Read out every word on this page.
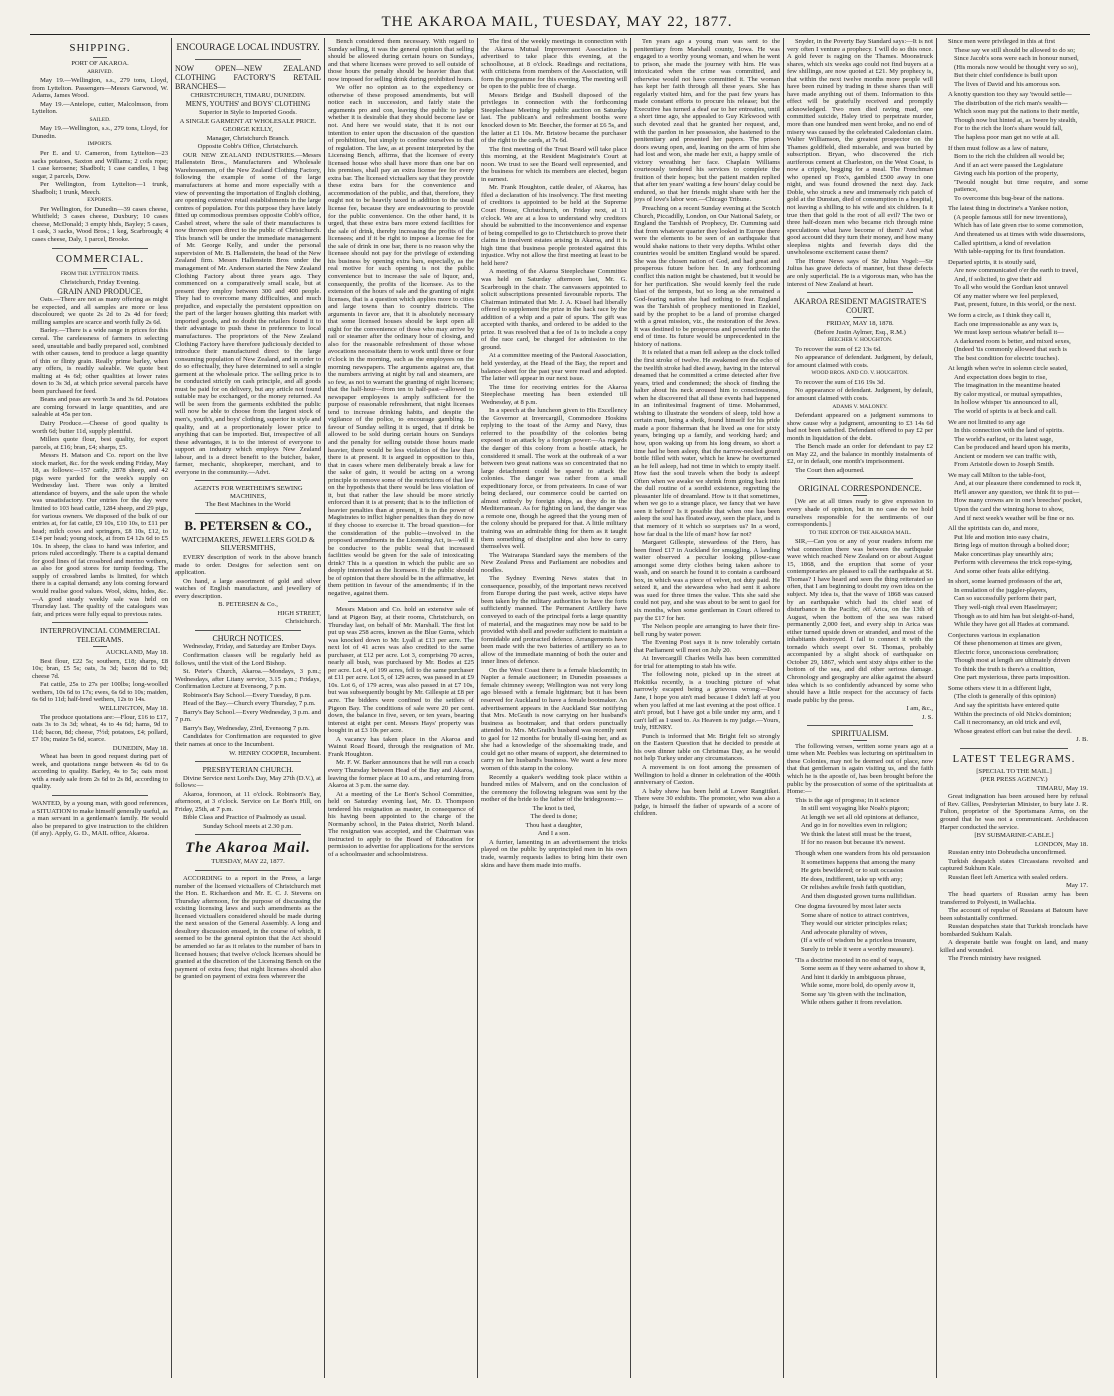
THE AKAROA MAIL, TUESDAY, MAY 22, 1877.
SHIPPING.

PORT OF AKAROA.

ARRIVED.

May 19.—Wellington, s.s., 279 tons, Lloyd, from Lyttelton. Passengers—Messrs Garwood, W. Adams, James Wood.

May 19.—Antelope, cutter, Malcolmson, from Lyttelton.

SAILED.

May 19.—Wellington, s.s., 279 tons, Lloyd, for Dunedin.

IMPORTS.

Per E. and U. Cameron, from Lyttelton—23 sacks potatoes, Saxton and Williams; 2 coils rope; 1 case kerosene; Shadbolt; 1 case candles, 1 bag sugar, 2 parcels, Dow.

Per Wellington, from Lyttelton—1 trunk, Shadbolt; 1 trunk, Meech.

EXPORTS.

Per Wellington, for Dunedin—39 cases cheese, Whitfield; 3 cases cheese, Duxbury; 10 cases cheese, McDonald; 3 empty hhds, Bayley; 5 cases, 1 cask, 3 sacks, Wood Bros.; 1 keg, Scarbrough; 4 cases cheese, Daly, 1 parcel, Brooke.

COMMERCIAL.

FROM THE LYTTELTON TIMES.

Christchurch, Friday Evening.

GRAIN AND PRODUCE.

Oats.—There are not as many offering as might be expected, and all samples are more or less discoloured; we quote 2s 2d to 2s 4d for feed; milling samples are scarce and worth fully 2s 6d.

Barley.—There is a wide range in prices for this cereal. The carelessness of farmers in selecting seed, unsuitable and badly prepared soil, combined with other causes, tend to produce a large quantity of thin or flinty grain. Really prime barley, when any offers, is readily saleable. We quote best malting at 4s 6d; other qualities at lower rates down to 3s 3d, at which price several parcels have been purchased for feed.

Beans and peas are worth 3s and 3s 6d. Potatoes are coming forward in large quantities, and are saleable at 45s per ton.

Dairy Produce.—Cheese of good quality is worth 6d; butter 11d, supply plentiful.

Millers quote flour, best quality, for export parcels, at £16; bran, £4; sharps, £5.

Messrs H. Matson and Co. report on the live stock market, &c. for the week ending Friday, May 18, as follows:—157 cattle, 2878 sheep, and 42 pigs were yarded for the week's supply on Wednesday last. There was only a limited attendance of buyers, and the sale upon the whole was unsatisfactory. Our entries for the day were limited to 103 head cattle, 1284 sheep, and 29 pigs, for various owners. We disposed of the bulk of our entries at, for fat cattle, £9 10s, £10 10s, to £11 per head; milch cows and springers, £8 10s, £12, to £14 per head; young stock, at from £4 12s 6d to £5 10s. In sheep, the class to hand was inferior, and prices ruled accordingly. There is a capital demand for good lines of fat crossbred and merino wethers, as also for good stores for turnip feeding. The supply of crossbred lambs is limited, for which there is a capital demand; any lots coming forward would realise good values. Wool, skins, hides, &c.—A good steady weekly sale was held on Thursday last. The quality of the catalogues was fair, and prices were fully equal to previous rates.

INTERPROVINCIAL COMMERCIAL TELEGRAMS.

AUCKLAND, May 18.

Best flour, £22 5s; southern, £18; sharps, £8 10s; bran, £5 5s; oats, 3s 3d; bacon 8d to 9d; cheese 7d.

Fat cattle, 25s to 27s per 100lbs; long-woolled wethers, 10s 6d to 17s; ewes, 6s 6d to 10s; maiden, 6s 6d to 11d; half-bred wethers, 12s to 14s.

WELLINGTON, May 18.

The produce quotations are:—Flour, £16 to £17, oats 3s to 3s 3d; wheat, 4s to 4s 6d; hams, 9d to 11d; bacon, 8d; cheese, 7½d; potatoes, £4; pollard, £7 10s; maize 5s 6d, scarce.

DUNEDIN, May 18.

Wheat has been in good request during part of week, and quotations range between 4s 6d to 6s according to quality. Barley, 4s to 5s; oats most with a ready sale from 2s 6d to 2s 8d, according to quality.

WANTED, by a young man, with good references, a SITUATION to make himself generally useful, as a man servant in a gentleman's family. He would also be prepared to give instruction to the children (if any). Apply, G. D., MAIL office, Akaroa.

ENCOURAGE LOCAL INDUSTRY.

NOW OPEN—NEW ZEALAND CLOTHING FACTORY'S RETAIL BRANCHES—

CHRISTCHURCH, TIMARU, DUNEDIN.

MEN'S, YOUTHS' and BOYS' CLOTHING

Superior in Style to Imported Goods.

A SINGLE GARMENT AT WHOLESALE PRICE.

GEORGE KELLY,

Manager, Christchurch Branch.

Opposite Cobb's Office, Christchurch.

OUR NEW ZEALAND INDUSTRIES.—Messrs Hallenstein Bros., Manufacturers and Wholesale Warehousemen, of the New Zealand Clothing Factory, following the example of some of the large manufacturers at home and more especially with a view of preventing the importation of English clothing, are opening extensive retail establishments in the large centres of population. For this purpose they have lately fitted up commodious premises opposite Cobb's office, Cashel street, where the sale of their manufactures is now thrown open direct to the public of Christchurch. This branch will be under the immediate management of Mr. George Kelly, and under the personal supervision of Mr. B. Hallenstein, the head of the New Zealand firm. Messrs Hallenstein Bros under the management of Mr. Anderson started the New Zealand Clothing Factory about three years ago. They commenced on a comparatively small scale, but at present they employ between 300 and 400 people. They had to overcome many difficulties, and much prejudice, and especially the persistent opposition on the part of the larger houses glutting this market with imported goods, and no doubt the retailers found it to their advantage to push these in preference to local manufactures. The proprietors of the New Zealand Clothing Factory have therefore judiciously decided to introduce their manufactured direct to the large consuming population of New Zealand, and in order to do so effectually, they have determined to sell a single garment at the wholesale price. The selling price is to be conducted strictly on cash principle, and all goods must be paid for on delivery, but any article not found suitable may be exchanged, or the money returned. As will be seen from the garments exhibited the public will now be able to choose from the largest stock of men's, youth's, and boys' clothing, superior in style and quality, and at a proportionately lower price to anything that can be imported. But, irrespective of all these advantages, it is to the interest of everyone to support an industry which employs New Zealand labour, and is a direct benefit to the butcher, baker, farmer, mechanic, shopkeeper, merchant, and to everyone in the community.—Advt.

AGENTS FOR WERTHEIM'S SEWING MACHINES,

The Best Machines in the World

B. PETERSEN & CO.,

WATCHMAKERS, JEWELLERS GOLD & SILVERSMITHS,

EVERY description of work in the above branch made to order. Designs for selection sent on application.

On hand, a large assortment of gold and silver watches of English manufacture, and jewellery of every description.

B. PETERSEN & Co.,

HIGH STREET,

Christchurch.

CHURCH NOTICES.

Wednesday, Friday, and Saturday are Ember Days.

Confirmation classes will be regularly held as follows, until the visit of the Lord Bishop.

St. Peter's Church, Akaroa.—Mondays, 3 p.m.; Wednesdays, after Litany service, 3.15 p.m.; Fridays, Confirmation Lecture at Evensong, 7 p.m.

Robinson's Bay School.—Every Tuesday, 8 p.m.

Head of the Bay.—Church every Thursday, 7 p.m.

Barry's Bay School.—Every Wednesday, 3 p.m. and 7 p.m.

Barry's Bay, Wednesday, 23rd, Evensong 7 p.m.

Candidates for Confirmation are requested to give their names at once to the Incumbent.

W. HENRY COOPER, Incumbent.

PRESBYTERIAN CHURCH.

Divine Service next Lord's Day, May 27th (D.V.), at follows:—

Akaroa, forenoon, at 11 o'clock. Robinson's Bay, afternoon, at 3 o'clock. Service on Le Bon's Hill, on Friday, 25th, at 7 p.m.

Bible Class and Practice of Psalmody as usual.

Sunday School meets at 2.30 p.m.

The Akaroa Mail.

TUESDAY, MAY 22, 1877.

ACCORDING to a report in the Press, a large number of the licensed victuallers of Christchurch met the Hon. E. Richardson and Mr. E. C. J. Stevens on Thursday afternoon, for the purpose of discussing the existing licensing laws and such amendments as the licensed victuallers considered should be made during the next session of the General Assembly. A long and desultory discussion ensued, in the course of which, it seemed to be the general opinion that the Act should be amended so far as it relates to the number of bars in licensed houses; that twelve o'clock licenses should be granted at the discretion of the Licensing Bench on the payment of extra fees; that night licenses should also be granted on payment of extra fees wherever the

Bench considered them necessary. With regard to Sunday selling, it was the general opinion that selling should be allowed during certain hours on Sundays, and that where licenses were proved to sell outside of those hours the penalty should be heavier than that now imposed for selling drink during prohibited hours.

We offer no opinion as to the expediency or otherwise of these proposed amendments, but will notice each in succession, and fairly state the arguments pro and con, leaving the public to judge whether it is desirable that they should become law or not. And here we would state, that it is not our intention to enter upon the discussion of the question of prohibition, but simply to confine ourselves to that of regulation. The law, as at present interpreted by the Licensing Bench, affirms, that the licensee of every licensed house who shall have more than one bar on his premises, shall pay an extra license fee for every extra bar. The licensed victuallers say that they provide these extra bars for the convenience and accommodation of the public, and that, therefore, they ought not to be heavily taxed in addition to the usual license fee, because they are endeavouring to provide for the public convenience. On the other hand, it is urged, that these extra bars more extend facilities for the sale of drink, thereby increasing the profits of the licensees; and if it be right to impose a license fee for the sale of drink in one bar, there is no reason why the licensee should not pay for the privilege of extending his business by opening extra bars, especially, as the real motive for such opening is not the public convenience but to increase the sale of liquor, and, consequently, the profits of the licensee. As to the extension of the hours of sale and the granting of night licenses, that is a question which applies more to cities and large towns than to country districts. The arguments in favor are, that it is absolutely necessary that some licensed houses should be kept open all night for the convenience of those who may arrive by rail or steamer after the ordinary hour of closing, and also for the reasonable refreshment of those whose avocations necessitate them to work until three or four o'clock in the morning, such as the employees on the morning newspapers. The arguments against are, that the numbers arriving at night by rail and steamers, are so few, as not to warrant the granting of night licenses; that the half-hour—from ten to half-past—allowed to newspaper employees is amply sufficient for the purpose of reasonable refreshment, that night licenses tend to increase drinking habits, and despite the vigilance of the police, to encourage gambling. In favour of Sunday selling it is urged, that if drink be allowed to be sold during certain hours on Sundays and the penalty for selling outside those hours made heavier, there would be less violation of the law than there is at present. It is argued in opposition to this, that in cases where men deliberately break a law for the sake of gain, it would be acting on a wrong principle to remove some of the restrictions of that law on the hypothesis that there would be less violation of it, but that rather the law should be more strictly enforced than it is at present; that is to the infliction of heavier penalties than at present, it is in the power of Magistrates to inflict higher penalties than they do now if they choose to exercise it. The broad question—for the consideration of the public—involved in the proposed amendments in the Licensing Act, is—will it be conducive to the public weal that increased facilities would be given for the sale of intoxicating drink? This is a question in which the public are so deeply interested as the licensees. If the public should be of opinion that there should be in the affirmative, let them petition in favour of the amendments; if in the negative, against them.

Messrs Matson and Co. hold an extensive sale of land at Pigeon Bay, at their rooms, Christchurch, on Thursday last, on behalf of Mr. Marshall. The first lot put up was 258 acres, known as the Blue Gums, which was knocked down to Mr. Lyall at £13 per acre. The next lot of 41 acres was also credited to the same purchaser, at £12 per acre. Lot 3, comprising 70 acres, nearly all bush, was purchased by Mr. Bodes at £25 per acre. Lot 4, of 199 acres, fell to the same purchaser at £11 per acre. Lot 5, of 129 acres, was passed in at £9 10s. Lot 6, of 179 acres, was also passed in at £7 10s, but was subsequently bought by Mr. Gillespie at £8 per acre. The bidders were confined to the settlers of Pigeon Bay. The conditions of sale were 20 per cent. down, the balance in five, seven, or ten years, bearing interest at eight per cent. Messrs Hays' property was bought in at £3 10s per acre.

A vacancy has taken place in the Akaroa and Wainui Road Board, through the resignation of Mr. Frank Houghton.

Mr. F. W. Barker announces that he will run a coach every Thursday between Head of the Bay and Akaroa, leaving the former place at 10 a.m., and returning from Akaroa at 3 p.m. the same day.

At a meeting of the Le Bon's School Committee, held on Saturday evening last, Mr. D. Thompson tendered his resignation as master, in consequence of his having been appointed to the charge of the Normanby school, in the Patea district, North Island. The resignation was accepted, and the Chairman was instructed to apply to the Board of Education for permission to advertise for applications for the services of a schoolmaster and schoolmistress.

The first of the weekly meetings in connection with the Akaroa Mutual Improvement Association is advertised to take place this evening, at the schoolhouse, at 8 o'clock. Readings and recitations, with criticisms from members of the Association, will form the programme for this evening. The meeting will be open to the public free of charge.

Messrs Bridge and Bushell disposed of the privileges in connection with the forthcoming Steeplechase Meeting by public auction on Saturday last. The publican's and refreshment booths were knocked down to Mr. Beecher, the former at £6 5s, and the latter at £1 10s. Mr. Bristow became the purchaser of the right to the cards, at 7s 6d.

The first meeting of the Trust Board will take place this morning, at the Resident Magistrate's Court at noon. We trust to see the Board well represented, and the business for which its members are elected, begun in earnest.

Mr. Frank Houghton, cattle dealer, of Akaroa, has filed a declaration of his insolvency. The first meeting of creditors is appointed to be held at the Supreme Court House, Christchurch, on Friday next, at 11 o'clock. We are at a loss to understand why creditors should be submitted to the inconvenience and expense of being compelled to go to Christchurch to prove their claims in insolvent estates arising in Akaroa, and it is high time that business people protested against this injustice. Why not allow the first meeting at least to be held here?

A meeting of the Akaroa Steeplechase Committee was held on Saturday afternoon last, Mr. G. Scarbrough in the chair. The canvassers appointed to solicit subscriptions presented favourable reports. The Chairman intimated that Mr. J. A. Kissel had liberally offered to supplement the prize in the hack race by the addition of a whip and a pair of spurs. The gift was accepted with thanks, and ordered to be added to the prize. It was resolved that a fee of 1s to include a copy of the race card, be charged for admission to the ground.

At a committee meeting of the Pastoral Association, held yesterday, at the Head of the Bay, the report and balance-sheet for the past year were read and adopted. The latter will appear in our next issue.

The time for receiving entries for the Akaroa Steeplechase meeting has been extended till Wednesday, at 8 p.m.

In a speech at the luncheon given to His Excellency the Governor at Invercargill, Commodore Hoskins replying to the toast of the Army and Navy, thus referred to the possibility of the colonies being exposed to an attack by a foreign power:—As regards the danger of this colony from a hostile attack, he considered it small. The work at the outbreak of a war between two great nations was so concentrated that no large detachment could be spared to attack the colonies. The danger was rather from a small expeditionary force, or from privateers. In case of war being declared, our commerce could be carried on almost entirely by foreign ships, as they do in the Mediterranean. As for fighting on land, the danger was a remote one, though he agreed that the young men of the colony should be prepared for that. A little military training was an admirable thing for them as it taught them something of discipline and also how to carry themselves well.

The Wairarapa Standard says the members of the New Zealand Press and Parliament are nobodies and noodles.

The Sydney Evening News states that in consequence, possibly, of the important news received from Europe during the past week, active steps have been taken by the military authorities to have the forts sufficiently manned. The Permanent Artillery have conveyed to each of the principal forts a large quantity of material, and the magazines may now be said to be provided with shell and powder sufficient to maintain a formidable and protracted defence. Arrangements have been made with the two batteries of artillery so as to allow of the immediate manning of both the outer and inner lines of defence.

On the West Coast there is a female blacksmith; in Napier a female auctioneer; in Dunedin possesses a female chimney sweep; Wellington was not very long ago blessed with a female hightman; but it has been reserved for Auckland to have a female bootmaker. An advertisement appears in the Auckland Star notifying that Mrs. McGrath is now carrying on her husband's business as bootmaker, and that orders punctually attended to. Mrs. McGrath's husband was recently sent to gaol for 12 months for brutally ill-using her, and as she had a knowledge of the shoemaking trade, and could get no other means of support, she determined to carry on her husband's business. We want a few more women of this stamp in the colony.

Recently a quaker's wedding took place within a hundred miles of Malvern, and on the conclusion of the ceremony the following telegram was sent by the mother of the bride to the father of the bridegroom:—

The knot is tied,

The deed is done;

Thou hast a daughter,

And I a son.

A furrier, lamenting in an advertisement the tricks played on the public by unprincipled men in his own trade, warmly requests ladies to bring him their own skins and have them made into muffs.

Ten years ago a young man was sent to the penitentiary from Marshall county, Iowa. He was engaged to a worthy young woman, and when he went to prison, she made the journey with him. He was intoxicated when the crime was committed, and otherwise would not have committed it. The woman has kept her faith through all these years. She has regularly visited him, and for the past few years has made constant efforts to procure his release; but the Executive has turned a deaf ear to her entreaties, until a short time ago, she appealed to Guy Kirkwood with such devoted zeal that he granted her request, and, with the pardon in her possession, she hastened to the penitentiary and presented her papers. The prison doors swung open, and, leaning on the arm of him she had lost and won, she made her exit, a happy smile of victory wreathing her face. Chaplain Williams courteously tendered his services to complete the fruition of their hopes; but the patient maiden replied that after ten years' waiting a few hours' delay could be endured, so that her friends might share with her the joys of love's labor won.—Chicago Tribune.

Preaching on a recent Sunday evening at the Scotch Church, Piccadilly, London, on Our National Safety, or England the Tarshish of Prophecy, Dr. Cumming said that from whatever quarter they looked in Europe there were the elements to be seen of an earthquake that would shake nations to their very depths. Whilst other countries would be smitten England would be spared. She was the chosen nation of God, and had great and prosperous future before her. In any forthcoming conflict this nation might be chastened, but it would be for her purification. She would keenly feel the rude blast of the tempests, but so long as she remained a God-fearing nation she had nothing to fear. England was the Tarshish of prophecy mentioned in Ezekiel, said by the prophet to be a land of promise charged with a great mission, viz., the restoration of the Jews. It was destined to be prosperous and powerful unto the end of time. Its future would be unprecedented in the history of nations.

It is related that a man fell asleep as the clock tolled the first stroke of twelve. He awakened ere the echo of the twelfth stroke had died away, having in the interval dreamed that he committed a crime detected after five years, tried and condemned; the shock of finding the halter about his neck aroused him to consciousness, when he discovered that all these events had happened in an infinitesimal fragment of time. Mohammed, wishing to illustrate the wonders of sleep, told how a certain man, being a sheik, found himself for his pride made a poor fisherman that he lived as one for sixty years, bringing up a family, and working hard; and how, upon waking up from his long dream, so short a time had he been asleep, that the narrow-necked gourd bottle filled with water, which he knew he overturned as he fell asleep, had not time in which to empty itself. How fast the soul travels when the body is asleep! Often when we awake we shrink from going back into the dull routine of a sordid existence, regretting the pleasanter life of dreamland. How is it that sometimes, when we go to a strange place, we fancy that we have seen it before? Is it possible that when one has been asleep the soul has floated away, seen the place, and is that memory of it which so surprises us? In a word, how far dual is the life of man? how far not?

Margaret Gillespie, stewardess of the Hero, has been fined £17 in Auckland for smuggling. A landing waiter observed a peculiar looking pillow-case amongst some dirty clothes being taken ashore to wash, and on search he found it to contain a cardboard box, in which was a piece of velvet, not duty paid. He seized it, and the stewardess who had sent it ashore was sued for three times the value. This she said she could not pay, and she was about to be sent to gaol for six months, when some gentleman in Court offered to pay the £17 for her.

The Nelson people are arranging to have their fire-bell rung by water power.

The Evening Post says it is now tolerably certain that Parliament will meet on July 20.

At Invercargill Charles Wells has been committed for trial for attempting to stab his wife.

The following note, picked up in the street at Hokitika recently, is a touching picture of what narrowly escaped being a grievous wrong:—Dear Jane, I hope you ain't mad because I didn't laff at you when you laffed at me last evening at the post office. I ain't proud, but I have got a bile under my arm, and I can't laff as I used to. As Heaven is my judge.—Yours, truly, HENRY.

Punch is informed that Mr. Bright felt so strongly on the Eastern Question that he decided to preside at his own dinner table on Christmas Day, as he would not help Turkey under any circumstances.

A movement is on foot among the pressmen of Wellington to hold a dinner in celebration of the 400th anniversary of Caxton.

A baby show has been held at Lower Rangitikei. There were 30 exhibits. The promoter, who was also a judge, is himself the father of upwards of a score of children.

Snyder, in the Poverty Bay Standard says:—It is not very often I venture a prophecy. I will do so this once. A gold fever is raging on the Thames. Moonstruck shares, which six weeks ago could not find buyers at a few shillings, are now quoted at £21. My prophecy is, that within the next twelve months more people will have been ruined by trading in these shares than will have made anything out of them. Information to this effect will be gratefully received and promptly acknowledged. Two men died raving mad, one committed suicide, Haley tried to perpetrate murder, more than one hundred men went broke, and no end of misery was caused by the celebrated Caledonian claim. Walter Williamson, the greatest prospector on the Thames goldfield, died miserable, and was buried by subscription. Bryan, who discovered the rich auriferous cement at Charleston, on the West Coast, is now a cripple, begging for a meal. The Frenchman who opened up Fox's, gambled £500 away in one night, and was found drowned the next day. Jack Doble, who struck a new and immensely rich patch of gold at the Dunstan, died of consumption in a hospital, not leaving a shilling to his wife and six children. Is it true then that gold is the root of all evil? The two or three half-dozen men who became rich through mine speculations what have become of them? And what good account did they turn their money, and how many sleepless nights and feverish days did the unwholesome excitement cause them?

The Home News says of Sir Julius Vogel:—Sir Julius has grave defects of manner, but these defects are only superficial. He is a vigorous man, who has the interest of New Zealand at heart.

AKAROA RESIDENT MAGISTRATE'S COURT.

FRIDAY, MAY 18, 1878.

(Before Justin Aylmer, Esq., R.M.)

BEECHER V. HOUGHTON.

To recover the sum of £2 13s 6d.

No appearance of defendant. Judgment, by default, for amount claimed with costs.

WOOD BROS. AND CO. V. HOUGHTON.

To recover the sum of £16 19s 3d.

No appearance of defendant. Judgment, by default, for amount claimed with costs.

ADAMS V. MALONEY.

Defendant appeared on a judgment summons to show cause why a judgment, amounting to £3 14s 6d had not been satisfied. Defendant offered to pay £2 per month in liquidation of the debt.

The Bench made an order for defendant to pay £2 on May 22, and the balance in monthly instalments of £2, or in default, one month's imprisonment.

The Court then adjourned.

ORIGINAL CORRESPONDENCE.

[We are at all times ready to give expression to every shade of opinion, but in no case do we hold ourselves responsible for the sentiments of our correspondents.]

TO THE EDITOR OF THE AKAROA MAIL.

SIR,—Can you or any of your readers inform me what connection there was between the earthquake wave which reached New Zealand on or about August 15, 1868, and the eruption that some of your contemporaries are pleased to call the earthquake at St. Thomas? I have heard and seen the thing reiterated so often, that I am beginning to doubt my own idea on the subject. My idea is, that the wave of 1868 was caused by an earthquake which had its chief seat of disturbance in the Pacific, off Arica, on the 13th of August, when the bottom of the sea was raised permanently 2,000 feet, and every ship in Arica was either turned upside down or stranded, and most of the inhabitants destroyed. I fail to connect it with the tornado which swept over St. Thomas, probably accompanied by a slight shock of earthquake on October 29, 1867, which sent sixty ships either to the bottom of the sea, and did other serious damage. Chronology and geography are alike against the absurd idea which is so confidently advanced by some who should have a little respect for the accuracy of facts made public by the press.

I am, &c.,

J. S.

SPIRITUALISM.

The following verses, written some years ago at a time when Mr. Peebles was lecturing on spiritualism in these Colonies, may not be deemed out of place, now that that gentleman is again visiting us, and the faith which he is the apostle of, has been brought before the public by the prosecution of some of the spiritualists at Home:—

This is the age of progress; in it science

In still sent voyaging like Noah's pigeon;

At length we set all old opinions at defiance,

And go in for novelties even in religion;

We think the latest still must be the truest,

If for no reason but because it's newest.

Though when one wanders from his old persuasion

It sometimes happens that among the many

He gets bewildered; or to suit occasion

He does, indifferent, take up with any;

Or relishes awhile fresh faith quotidian,

And then disgusted grown turns nullifidian.

One dogma favoured by most later sects

Some share of notice to attract contrives,

They would our stricter principles relax;

And advocate plurality of wives,

(If a wife of wisdom be a priceless treasure,

Surely to treble it were a worthy measure).

'Tis a doctrine mooted in no end of ways,

Some seem as if they were ashamed to show it,

And hint it darkly in ambiguous phrase,

While some, more bold, do openly avow it,

Some say 'tis given with the inclination,

While others gather it from revelation.

Since men were privileged in this at first

These say we still should be allowed to do so;

Since Jacob's sons were each in honour nursed,

(His morals now would be thought very so so),

But their chief confidence is built upon

The lives of David and his amorous son.

A knotty question too they say 'twould settle—

The distribution of the rich man's wealth—

Which soon may put the nations to their mettle,

Though now but hinted at, as 'twere by stealth,

For to the rich the lion's share would fall,

The hapless poor man get no wife at all.

If then must follow as a law of nature,

Born to the rich the children all would be;

And if an act were passed the Legislature

Giving each his portion of the property,

'Twould nought but time require, and some patience,

To overcome this bug-bear of the nations.

The latest thing in doctrine's a Yankee notion,

(A people famous still for new inventions),

Which has of late given rise to some commotion,

And threatened us at times with wide dissensions,

Called spiritism, a kind of revelation

With table-rapping for its first foundation.

Departed spirits, it is stoutly said,

Are now communicated o'er the earth to travel,

And, if solicited, to give their aid

To all who would the Gordian knot unravel

Of any matter where we feel perplexed,

Past, present, future, in this world, or the next.

We form a circle, as I think they call it,

Each one impressionable as any wax is,

We must keep serious whate'er befall it—

A darkened room is better, and mixed sexes,

(Indeed 'tis commonly allowed that such is

The best condition for electric touches).

At length when we're in solemn circle seated,

And expectation does begin to rise,

The imagination in the meantime heated

By calor mystical, or mutual sympathies,

In hollow whisper 'tis announced to all,

The world of spirits is at beck and call.

We are not limited to any age

In this connection with the land of spirits.

The world's earliest, or its latest sage,

Can be produced and heard upon his merits,

Ancient or modern we can traffic with,

From Aristotle down to Joseph Smith.

We may call Milton to the table-foot,

And, at our pleasure there condemned to rock it,

He'll answer any question, we think fit to put—

How many crowns are in one's breeches' pocket,

Upon the card the winning horse to show,

And if next week's weather will be fine or no.

All the spiritists can do, and more,

Put life and motion into easy chairs,

Bring legs of mutton through a bolted door;

Make concertinas play unearthly airs;

Perform with cleverness the trick rope-tying,

And some other feats alike edifying.

In short, some learned professors of the art,

In emulation of the juggler-players,

Can so successfully perform their part,

They well-nigh rival even Haselmayer;

Though as to aid him has but sleight-of-hand,

While they have got all Hades at command.

Conjectures various in explanation

Of these phenomenon at times are given,

Electric force, unconscious cerebration;

Though most at length are ultimately driven

To think the truth is there's a coalition,

One part mysterious, three parts imposition.

Some others view it in a different light,

(The cloth is generally of this opinion)

And say the spiritists have entered quite

Within the precincts of old Nick's dominion;

Call it necromancy, an old trick and evil,

Whose greatest effort can but raise the devil.

J. B.

LATEST TELEGRAMS.

[SPECIAL TO THE MAIL.]

(PER PRESS AGENCY.)

TIMARU, May 19.

Great indignation has been aroused here by refusal of Rev. Gillies, Presbyterian Minister, to bury late J. R. Fulton, proprietor of the Sportsmans Arms, on the ground that he was not a communicant. Archdeacon Harper conducted the service.

[BY SUBMARINE-CABLE.]

LONDON, May 18.

Russian entry into Dobrudscha unconfirmed.

Turkish despatch states Circassians revolted and captured Sukhum Kale.

Russian fleet left America with sealed orders.

May 17.

The head quarters of Russian army has been transferred to Polyesti, in Wallachia.

The account of repulse of Russians at Batoum have been substantially confirmed.

Russian despatches state that Turkish ironclads have bombarded Sukhum Kalah.

A desperate battle was fought on land, and many killed and wounded.

The French ministry have resigned.
